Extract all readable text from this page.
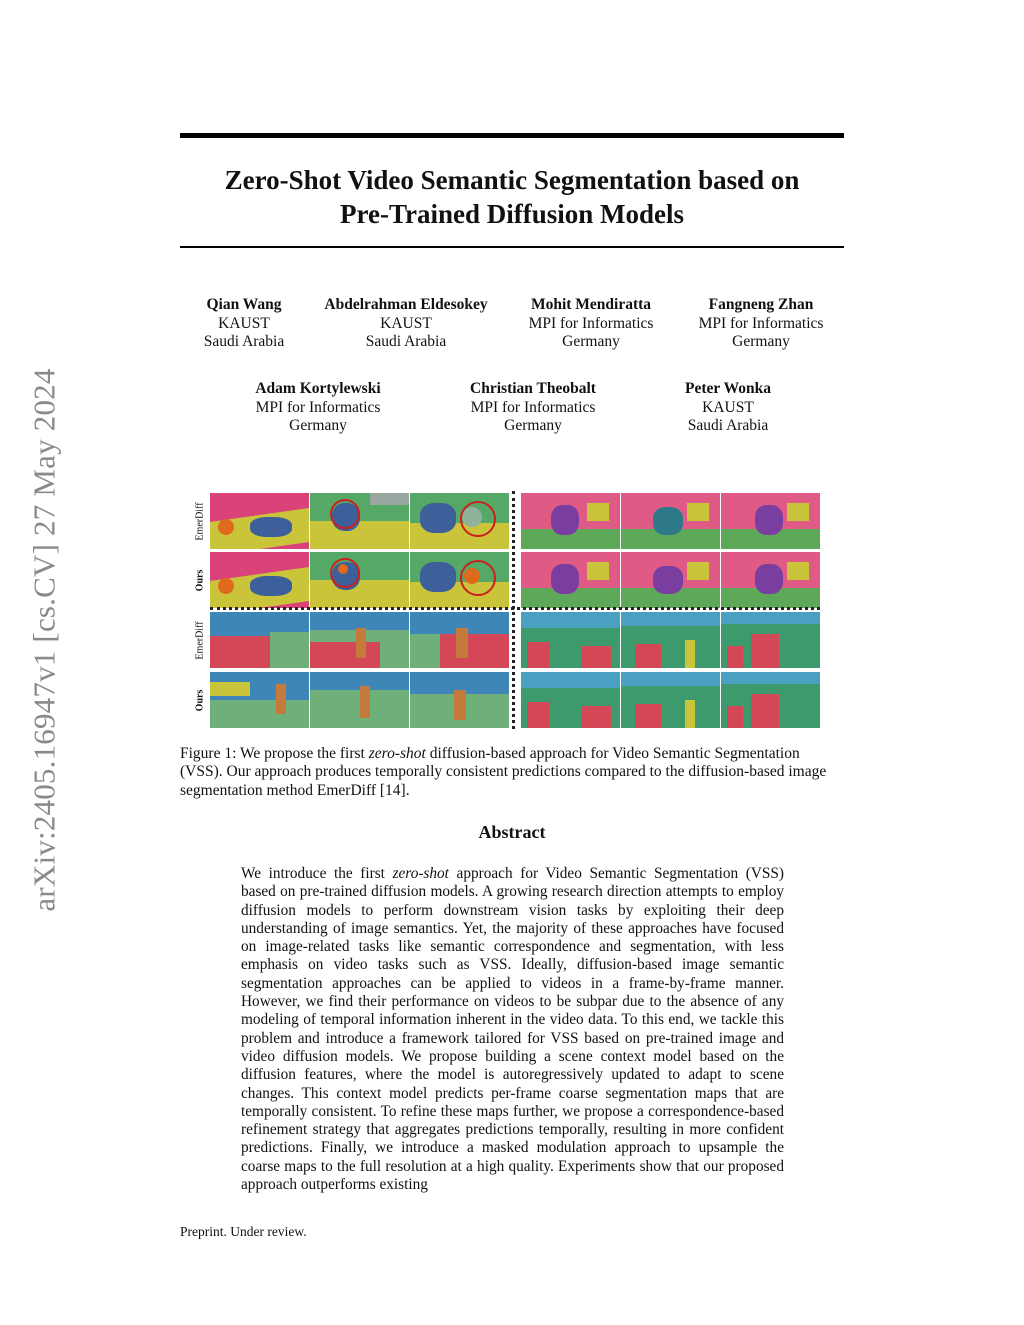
arXiv:2405.16947v1 [cs.CV] 27 May 2024
Zero-Shot Video Semantic Segmentation based on
Pre-Trained Diffusion Models
Qian Wang
KAUST
Saudi Arabia
Abdelrahman Eldesokey
KAUST
Saudi Arabia
Mohit Mendiratta
MPI for Informatics
Germany
Fangneng Zhan
MPI for Informatics
Germany
Adam Kortylewski
MPI for Informatics
Germany
Christian Theobalt
MPI for Informatics
Germany
Peter Wonka
KAUST
Saudi Arabia
EmerDiff
Ours
EmerDiff
Ours
Figure 1: We propose the first zero-shot diffusion-based approach for Video Semantic Segmentation (VSS). Our approach produces temporally consistent predictions compared to the diffusion-based image segmentation method EmerDiff [14].
Abstract
We introduce the first zero-shot approach for Video Semantic Segmentation (VSS) based on pre-trained diffusion models. A growing research direction attempts to employ diffusion models to perform downstream vision tasks by exploiting their deep understanding of image semantics. Yet, the majority of these approaches have focused on image-related tasks like semantic correspondence and segmentation, with less emphasis on video tasks such as VSS. Ideally, diffusion-based image semantic segmentation approaches can be applied to videos in a frame-by-frame manner. However, we find their performance on videos to be subpar due to the absence of any modeling of temporal information inherent in the video data. To this end, we tackle this problem and introduce a framework tailored for VSS based on pre-trained image and video diffusion models. We propose building a scene context model based on the diffusion features, where the model is autoregressively updated to adapt to scene changes. This context model predicts per-frame coarse segmentation maps that are temporally consistent. To refine these maps further, we propose a correspondence-based refinement strategy that aggregates predictions temporally, resulting in more confident predictions. Finally, we introduce a masked modulation approach to upsample the coarse maps to the full resolution at a high quality. Experiments show that our proposed approach outperforms existing
Preprint. Under review.
